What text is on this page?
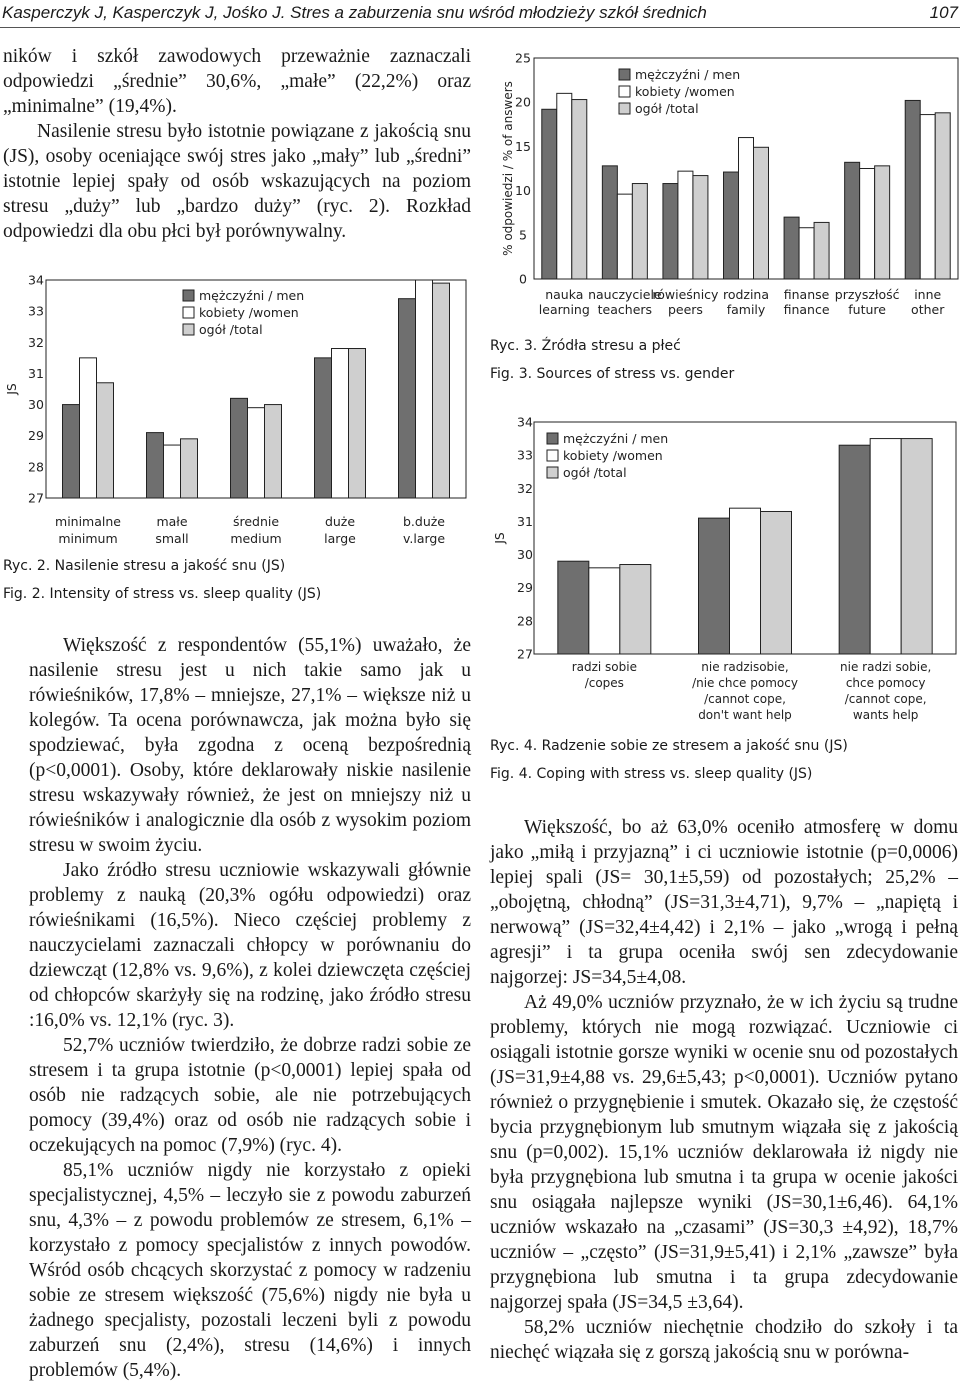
Kasperczyk J, Kasperczyk J, Jośko J. Stres a zaburzenia snu wśród młodzieży szkół średnich	107

ników i szkół zawodowych przeważnie zaznaczali odpowiedzi „średnie” 30,6%, „małe” (22,2%) oraz „minimalne” (19,4%).

Nasilenie stresu było istotnie powiązane z jakością snu (JS), osoby oceniające swój stres jako „mały” lub „średni” istotnie lepiej spały od osób wskazujących na poziom stresu „duży” lub „bardzo duży” (ryc. 2). Rozkład odpowiedzi dla obu płci był porównywalny.

JS
27
28
29
30
31
32
33
34
minimalne
minimum
małe
small
średnie
medium
duże
large
b.duże
v.large
mężczyźni / men
kobiety /women
ogół /total
Ryc. 2. Nasilenie stresu a jakość snu (JS)
Fig. 2. Intensity of stress vs. sleep quality (JS)

Większość z respondentów (55,1%) uważało, że nasilenie stresu jest u nich takie samo jak u rówieśników, 17,8% – mniejsze, 27,1% – większe niż u kolegów. Ta ocena porównawcza, jak można było się spodziewać, była zgodna z oceną bezpośrednią (p<0,0001). Osoby, które deklarowały niskie nasilenie stresu wskazywały również, że jest on mniejszy niż u rówieśników i analogicznie dla osób z wysokim poziom stresu w swoim życiu.

Jako źródło stresu uczniowie wskazywali głównie problemy z nauką (20,3% ogółu odpowiedzi) oraz rówieśnikami (16,5%). Nieco częściej problemy z nauczycielami zaznaczali chłopcy w porównaniu do dziewcząt (12,8% vs. 9,6%), z kolei dziewczęta częściej od chłopców skarżyły się na rodzinę, jako źródło stresu :16,0% vs. 12,1% (ryc. 3).

52,7% uczniów twierdziło, że dobrze radzi sobie ze stresem i ta grupa istotnie (p<0,0001) lepiej spała od osób nie radzących sobie, ale nie potrzebujących pomocy (39,4%) oraz od osób nie radzących sobie i oczekujących na pomoc (7,9%) (ryc. 4).

85,1% uczniów nigdy nie korzystało z opieki specjalistycznej, 4,5% – leczyło sie z powodu zaburzeń snu, 4,3% – z powodu problemów ze stresem, 6,1% – korzystało z pomocy specjalistów z innych powodów. Wśród osób chcących skorzystać z pomocy w radzeniu sobie ze stresem większość (75,6%) nigdy nie była u żadnego specjalisty, pozostali leczeni byli z powodu zaburzeń snu (2,4%), stresu (14,6%) i innych problemów (5,4%).

% odpowiedzi / % of answers
0
5
10
15
20
25
nauka
learning
nauczyciele
teachers
rówieśnicy
peers
rodzina
family
finanse
finance
przyszłość
future
inne
other
mężczyźni / men
kobiety /women
ogół /total
Ryc. 3. Źródła stresu a płeć
Fig. 3. Sources of stress vs. gender
JS
27
28
29
30
31
32
33
34
radzi sobie
/copes
nie radzisobie,
/nie chce pomocy
/cannot cope,
don't want help
nie radzi sobie,
chce pomocy
/cannot cope,
wants help
mężczyźni / men
kobiety /women
ogół /total
Ryc. 4. Radzenie sobie ze stresem a jakość snu (JS)
Fig. 4. Coping with stress vs. sleep quality (JS)

Większość, bo aż 63,0% oceniło atmosferę w domu jako „miłą i przyjazną” i ci uczniowie istotnie (p=0,0006) lepiej spali (JS= 30,1±5,59) od pozostałych; 25,2% – „obojętną, chłodną” (JS=31,3±4,71), 9,7% – „napiętą i nerwową” (JS=32,4±4,42) i 2,1% – jako „wrogą i pełną agresji” i ta grupa oceniła swój sen zdecydowanie najgorzej: JS=34,5±4,08.

Aż 49,0% uczniów przyznało, że w ich życiu są trudne problemy, których nie mogą rozwiązać. Uczniowie ci osiągali istotnie gorsze wyniki w ocenie snu od pozostałych (JS=31,9±4,88 vs. 29,6±5,43; p<0,0001). Uczniów pytano również o przygnębienie i smutek. Okazało się, że częstość bycia przygnębionym lub smutnym wiązała się z jakością snu (p=0,002). 15,1% uczniów deklarowała iż nigdy nie była przygnębiona lub smutna i ta grupa w ocenie jakości snu osiągała najlepsze wyniki (JS=30,1±6,46). 64,1% uczniów wskazało na „czasami” (JS=30,3 ±4,92), 18,7% uczniów – „często” (JS=31,9±5,41) i 2,1% „zawsze” była przygnębiona lub smutna i ta grupa zdecydowanie najgorzej spała (JS=34,5 ±3,64).

58,2% uczniów niechętnie chodziło do szkoły i ta niechęć wiązała się z gorszą jakością snu w porówna-
